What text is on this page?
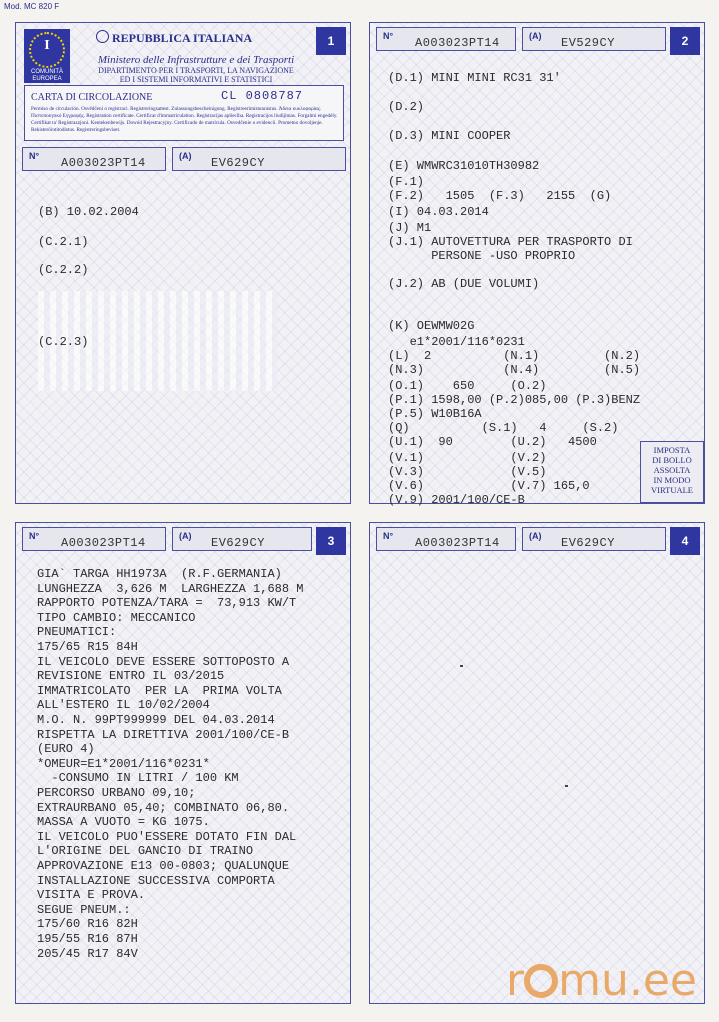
Mod. MC 820 F
I
COMUNITÀ EUROPEA
REPUBBLICA ITALIANA
Ministero delle Infrastrutture e dei Trasporti
DIPARTIMENTO PER I TRASPORTI, LA NAVIGAZIONE
ED I SISTEMI INFORMATIVI E STATISTICI
1
CARTA DI CIRCOLAZIONE	CL 0808787
Permiso de circulación. Osvědčení o registraci. Registreringsattest. Zulassungsbescheinigung. Registreerimistunnistus. Άδεια κυκλοφορίας. Πιστοποιητικό Εγγραφής. Registration certificate. Certificat d'immatriculation. Registracijas apliecība. Registracijos liudijimas. Forgalmi engedély. Certifikat ta' Registrazzjoni. Kentekenbewijs. Dowód Rejestracyjny. Certificado de matrícula. Osvedčenie o evidencii. Prometno dovoljenje. Rekisteröintitodistus. Registreringsbeviset.
N° A003023PT14	(A) EV629CY
(B) 10.02.2004
(C.2.1)
(C.2.2)
(C.2.3)
N° A003023PT14	(A) EV529CY	2
(D.1) MINI MINI RC31 31'
(D.2)
(D.3) MINI COOPER
(E) WMWRC31010TH30982
(F.1)
(F.2)   1505  (F.3)   2155  (G)
(I) 04.03.2014
(J) M1
(J.1) AUTOVETTURA PER TRASPORTO DI
PERSONE -USO PROPRIO
(J.2) AB (DUE VOLUMI)
(K) OEWMW02G
e1*2001/116*0231
(L)  2          (N.1)         (N.2)
(N.3)           (N.4)         (N.5)
(O.1)    650     (O.2)
(P.1) 1598,00 (P.2)085,00 (P.3)BENZ
(P.5) W10B16A
(Q)          (S.1)   4     (S.2)
(U.1)  90        (U.2)   4500
(V.1)            (V.2)
(V.3)            (V.5)
(V.6)            (V.7) 165,0
(V.9) 2001/100/CE-B
IMPOSTA
DI BOLLO
ASSOLTA
IN MODO
VIRTUALE
N° A003023PT14	(A) EV629CY	3
GIA` TARGA HH1973A  (R.F.GERMANIA)
LUNGHEZZA  3,626 M  LARGHEZZA 1,688 M
RAPPORTO POTENZA/TARA =  73,913 KW/T
TIPO CAMBIO: MECCANICO
PNEUMATICI:
175/65 R15 84H
IL VEICOLO DEVE ESSERE SOTTOPOSTO A
REVISIONE ENTRO IL 03/2015
IMMATRICOLATO  PER LA  PRIMA VOLTA
ALL'ESTERO IL 10/02/2004
M.O. N. 99PT999999 DEL 04.03.2014
RISPETTA LA DIRETTIVA 2001/100/CE-B
(EURO 4)
*OMEUR=E1*2001/116*0231*
-CONSUMO IN LITRI / 100 KM
PERCORSO URBANO 09,10;
EXTRAURBANO 05,40; COMBINATO 06,80.
MASSA A VUOTO = KG 1075.
IL VEICOLO PUO'ESSERE DOTATO FIN DAL
L'ORIGINE DEL GANCIO DI TRAINO
APPROVAZIONE E13 00-0803; QUALUNQUE
INSTALLAZIONE SUCCESSIVA COMPORTA
VISITA E PROVA.
SEGUE PNEUM.:
175/60 R16 82H
195/55 R16 87H
205/45 R17 84V
N° A003023PT14	(A) EV629CY	4
r mu.ee
